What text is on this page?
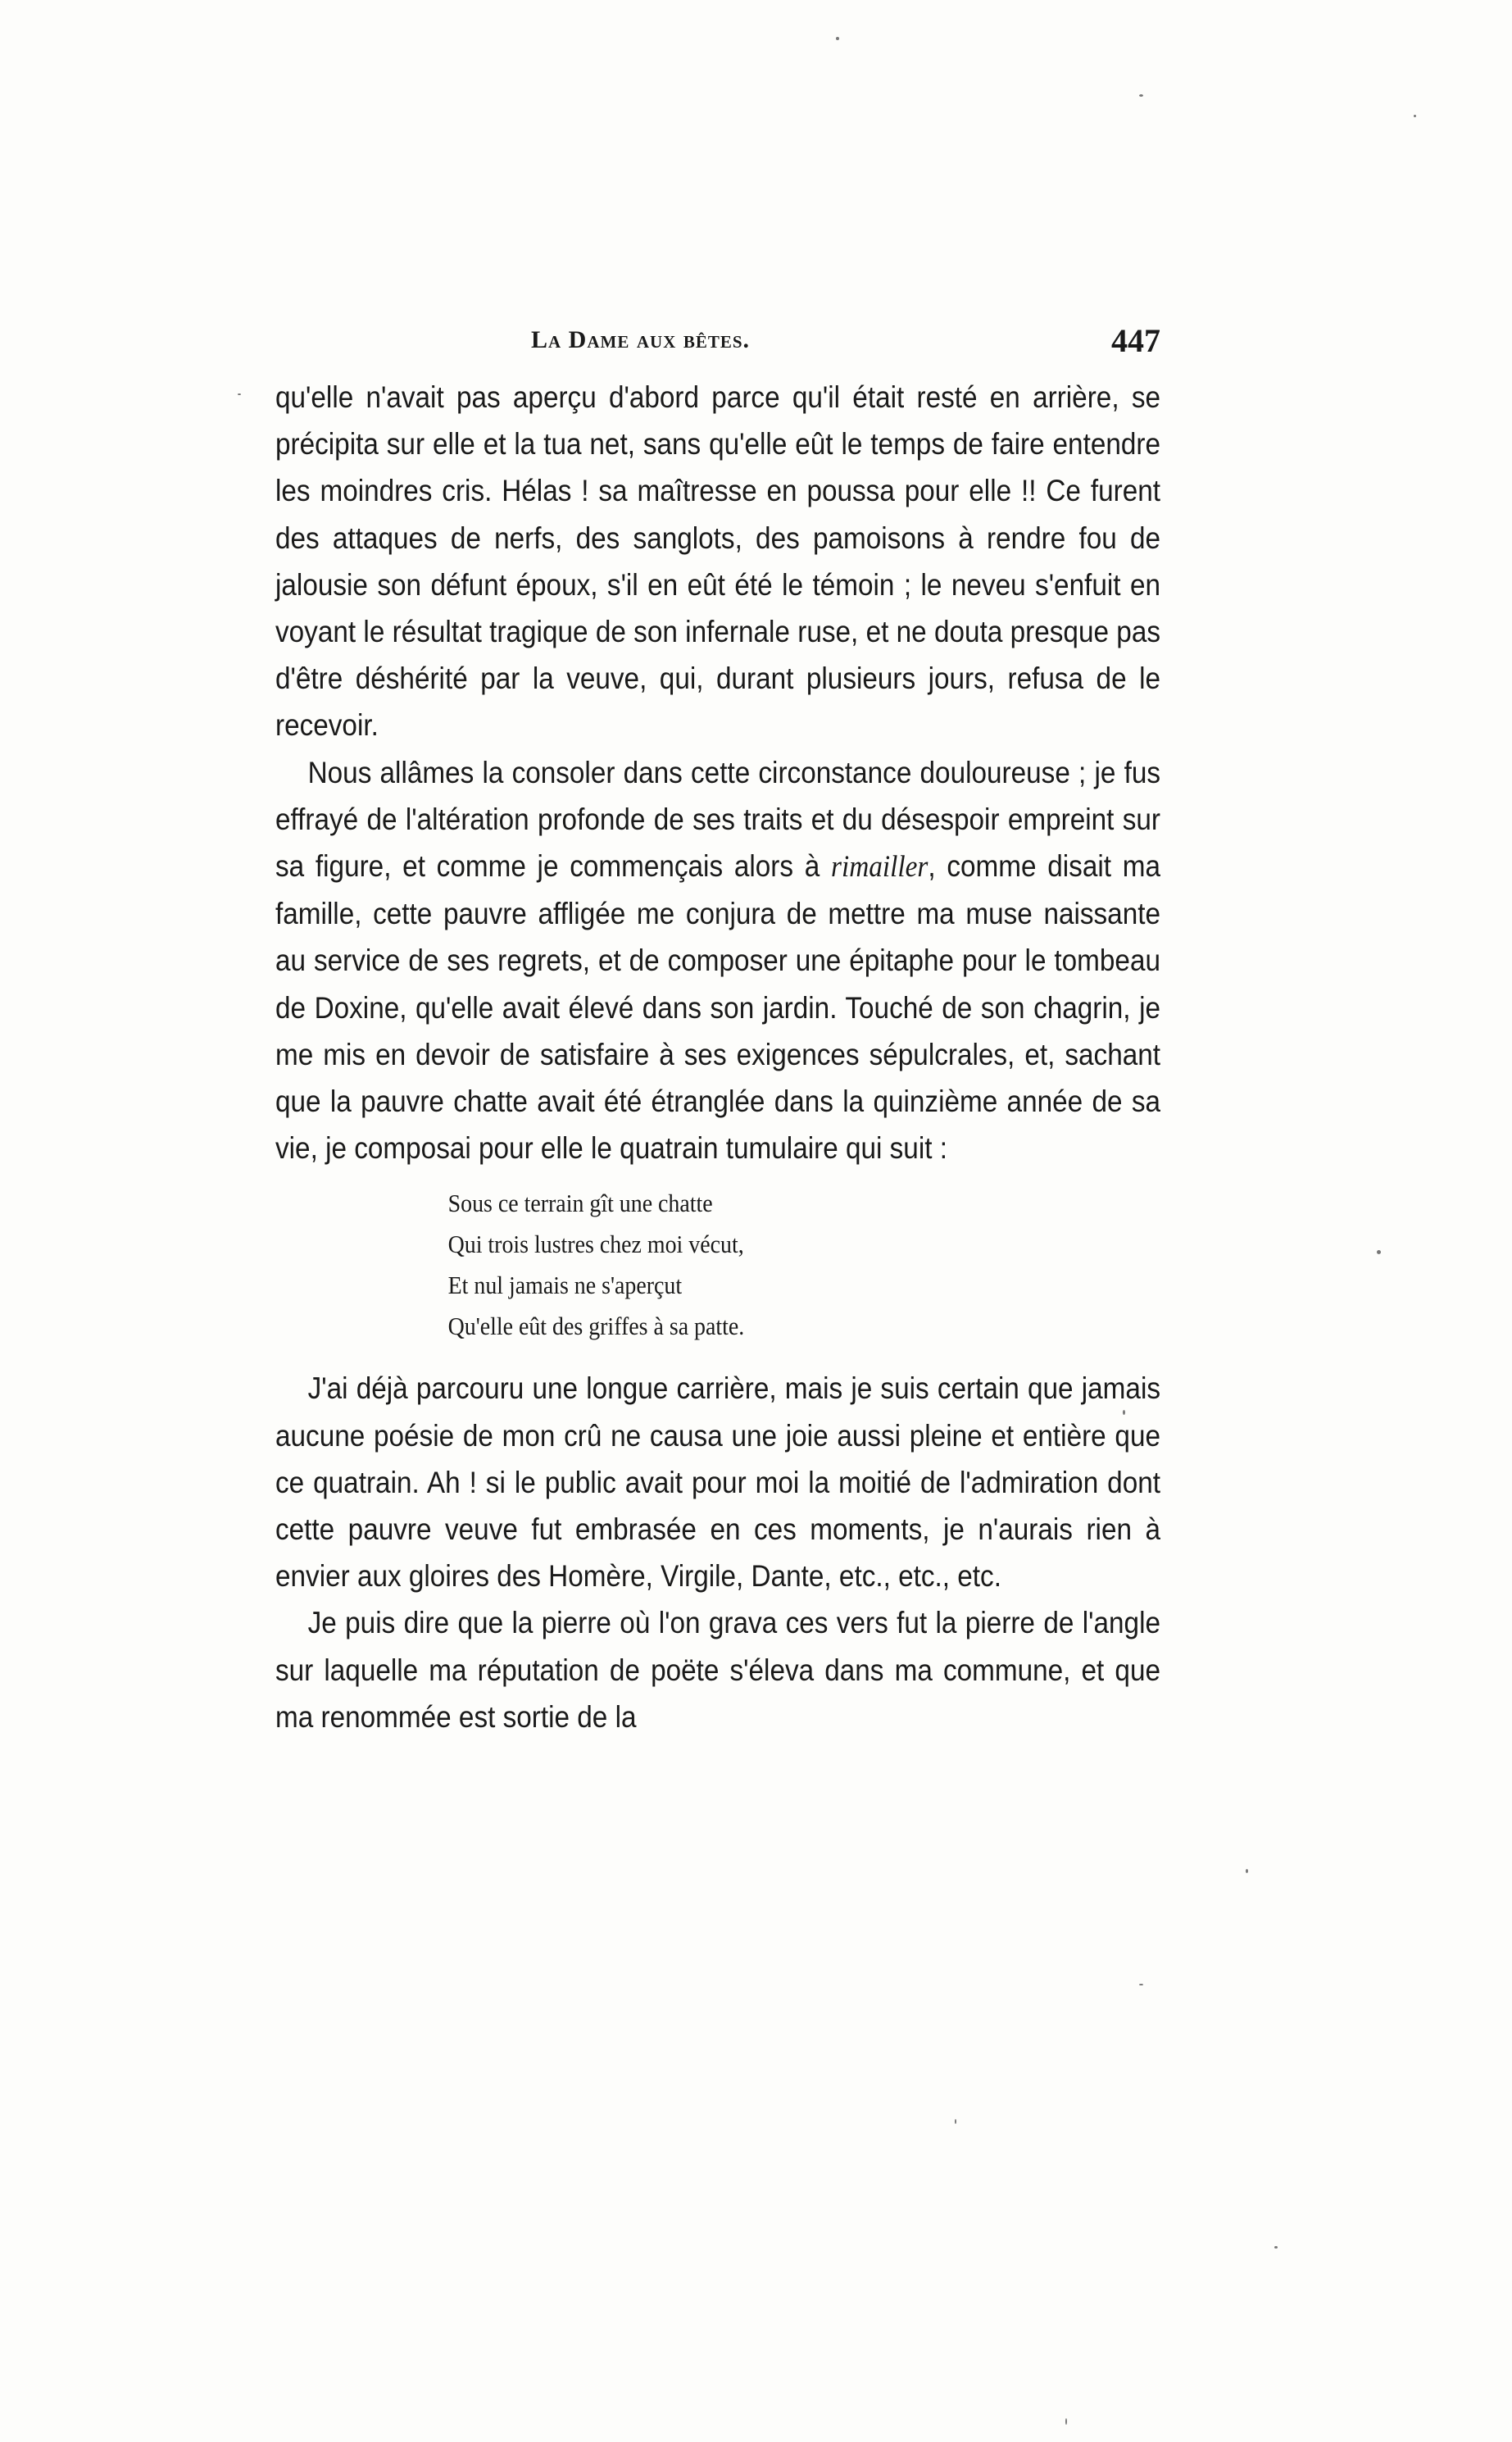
La Dame aux bêtes.	447

qu'elle n'avait pas aperçu d'abord parce qu'il était resté en arrière, se précipita sur elle et la tua net, sans qu'elle eût le temps de faire entendre les moindres cris. Hélas ! sa maîtresse en poussa pour elle !! Ce furent des attaques de nerfs, des sanglots, des pamoisons à rendre fou de jalousie son défunt époux, s'il en eût été le témoin ; le neveu s'enfuit en voyant le résultat tragique de son infernale ruse, et ne douta presque pas d'être déshérité par la veuve, qui, durant plusieurs jours, refusa de le recevoir.

Nous allâmes la consoler dans cette circonstance douloureuse ; je fus effrayé de l'altération profonde de ses traits et du désespoir empreint sur sa figure, et comme je commençais alors à rimailler, comme disait ma famille, cette pauvre affligée me conjura de mettre ma muse naissante au service de ses regrets, et de composer une épitaphe pour le tombeau de Doxine, qu'elle avait élevé dans son jardin. Touché de son chagrin, je me mis en devoir de satisfaire à ses exigences sépulcrales, et, sachant que la pauvre chatte avait été étranglée dans la quinzième année de sa vie, je composai pour elle le quatrain tumulaire qui suit :

Sous ce terrain gît une chatte
Qui trois lustres chez moi vécut,
Et nul jamais ne s'aperçut
Qu'elle eût des griffes à sa patte.

J'ai déjà parcouru une longue carrière, mais je suis certain que jamais aucune poésie de mon crû ne causa une joie aussi pleine et entière que ce quatrain. Ah ! si le public avait pour moi la moitié de l'admiration dont cette pauvre veuve fut embrasée en ces moments, je n'aurais rien à envier aux gloires des Homère, Virgile, Dante, etc., etc., etc.

Je puis dire que la pierre où l'on grava ces vers fut la pierre de l'angle sur laquelle ma réputation de poëte s'éleva dans ma commune, et que ma renommée est sortie de la
